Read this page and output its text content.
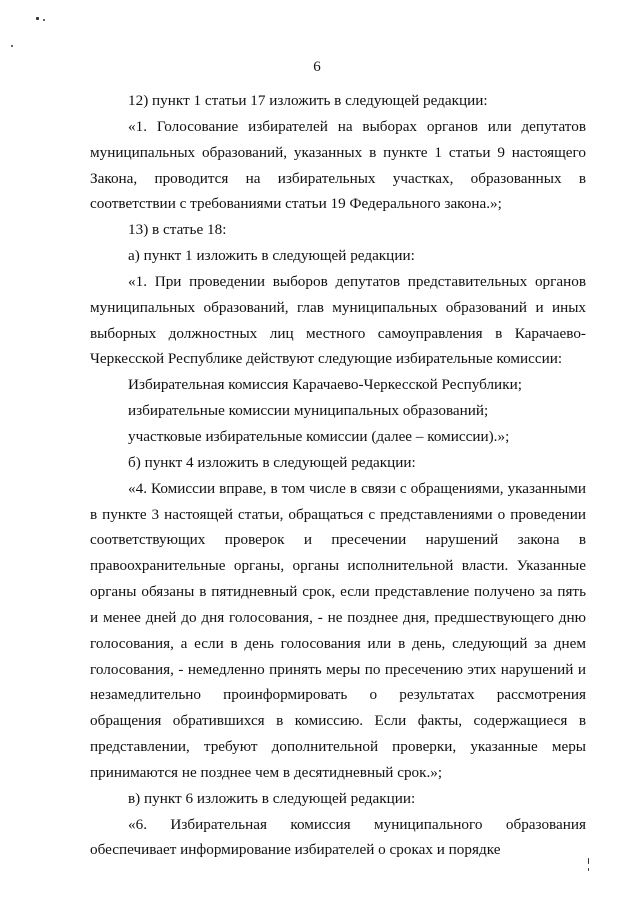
6

12) пункт 1 статьи 17 изложить в следующей редакции:

«1. Голосование избирателей на выборах органов или депутатов муниципальных образований, указанных в пункте 1 статьи 9 настоящего Закона, проводится на избирательных участках, образованных в соответствии с требованиями статьи 19 Федерального закона.»;

13) в статье 18:

а) пункт 1 изложить в следующей редакции:

«1. При проведении выборов депутатов представительных органов муниципальных образований, глав муниципальных образований и иных выборных должностных лиц местного самоуправления в Карачаево-Черкесской Республике действуют следующие избирательные комиссии:

Избирательная комиссия Карачаево-Черкесской Республики;

избирательные комиссии муниципальных образований;

участковые избирательные комиссии (далее – комиссии).»;

б) пункт 4 изложить в следующей редакции:

«4. Комиссии вправе, в том числе в связи с обращениями, указанными в пункте 3 настоящей статьи, обращаться с представлениями о проведении соответствующих проверок и пресечении нарушений закона в правоохранительные органы, органы исполнительной власти. Указанные органы обязаны в пятидневный срок, если представление получено за пять и менее дней до дня голосования, - не позднее дня, предшествующего дню голосования, а если в день голосования или в день, следующий за днем голосования, - немедленно принять меры по пресечению этих нарушений и незамедлительно проинформировать о результатах рассмотрения обращения обратившихся в комиссию. Если факты, содержащиеся в представлении, требуют дополнительной проверки, указанные меры принимаются не позднее чем в десятидневный срок.»;

в) пункт 6 изложить в следующей редакции:

«6. Избирательная комиссия муниципального образования обеспечивает информирование избирателей о сроках и порядке
